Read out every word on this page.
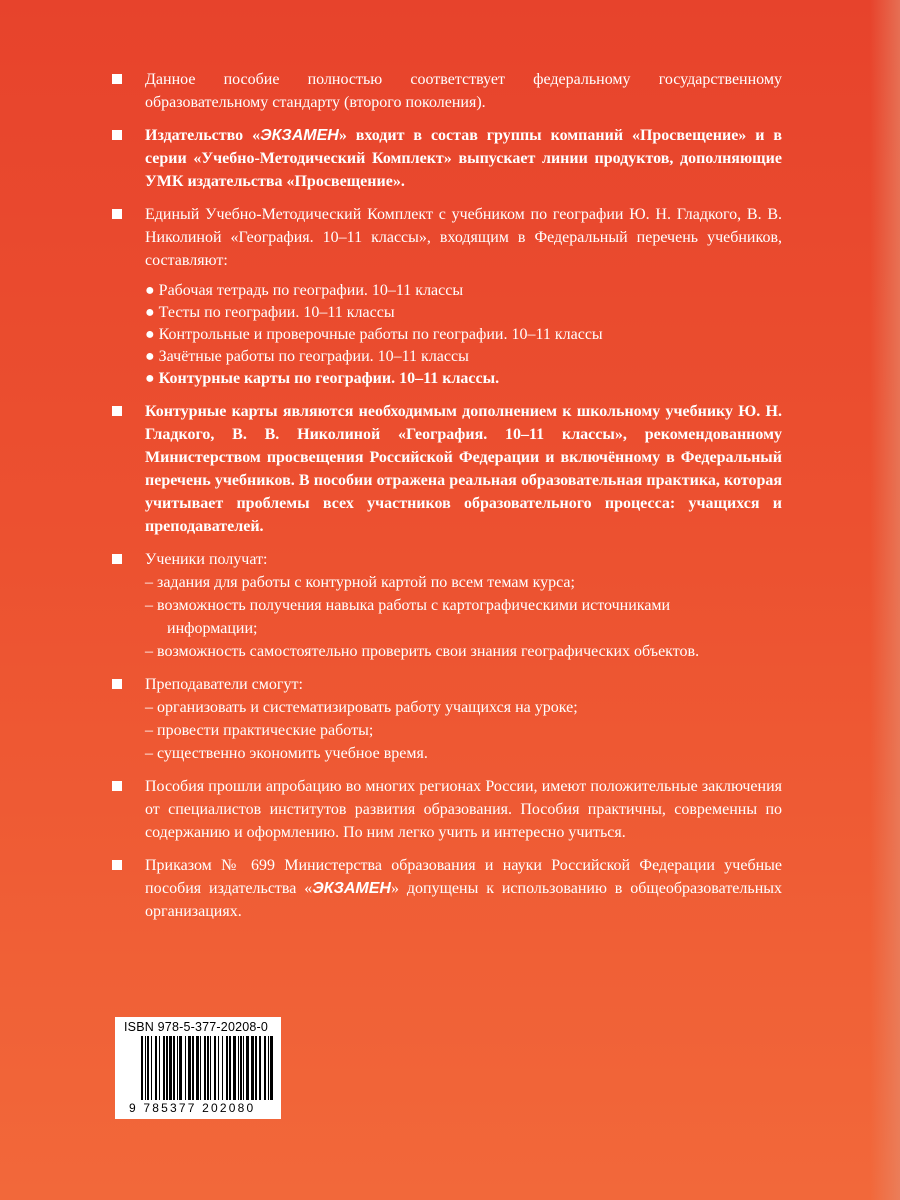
Данное пособие полностью соответствует федеральному государственному образовательному стандарту (второго поколения).
Издательство «ЭКЗАМЕН» входит в состав группы компаний «Просвещение» и в серии «Учебно-Методический Комплект» выпускает линии продуктов, дополняющие УМК издательства «Просвещение».
Единый Учебно-Методический Комплект с учебником по географии Ю. Н. Гладкого, В. В. Николиной «География. 10–11 классы», входящим в Федеральный перечень учебников, составляют:
● Рабочая тетрадь по географии. 10–11 классы
● Тесты по географии. 10–11 классы
● Контрольные и проверочные работы по географии. 10–11 классы
● Зачётные работы по географии. 10–11 классы
● Контурные карты по географии. 10–11 классы.
Контурные карты являются необходимым дополнением к школьному учебнику Ю. Н. Гладкого, В. В. Николиной «География. 10–11 классы», рекомендованному Министерством просвещения Российской Федерации и включённому в Федеральный перечень учебников. В пособии отражена реальная образовательная практика, которая учитывает проблемы всех участников образовательного процесса: учащихся и преподавателей.
Ученики получат:
– задания для работы с контурной картой по всем темам курса;
– возможность получения навыка работы с картографическими источниками
информации;
– возможность самостоятельно проверить свои знания географических объектов.
Преподаватели смогут:
– организовать и систематизировать работу учащихся на уроке;
– провести практические работы;
– существенно экономить учебное время.
Пособия прошли апробацию во многих регионах России, имеют положительные заключения от специалистов институтов развития образования. Пособия практичны, современны по содержанию и оформлению. По ним легко учить и интересно учиться.
Приказом № 699 Министерства образования и науки Российской Федерации учебные пособия издательства «ЭКЗАМЕН» допущены к использованию в общеобразовательных организациях.
ISBN 978-5-377-20208-0
9 785377 202080
